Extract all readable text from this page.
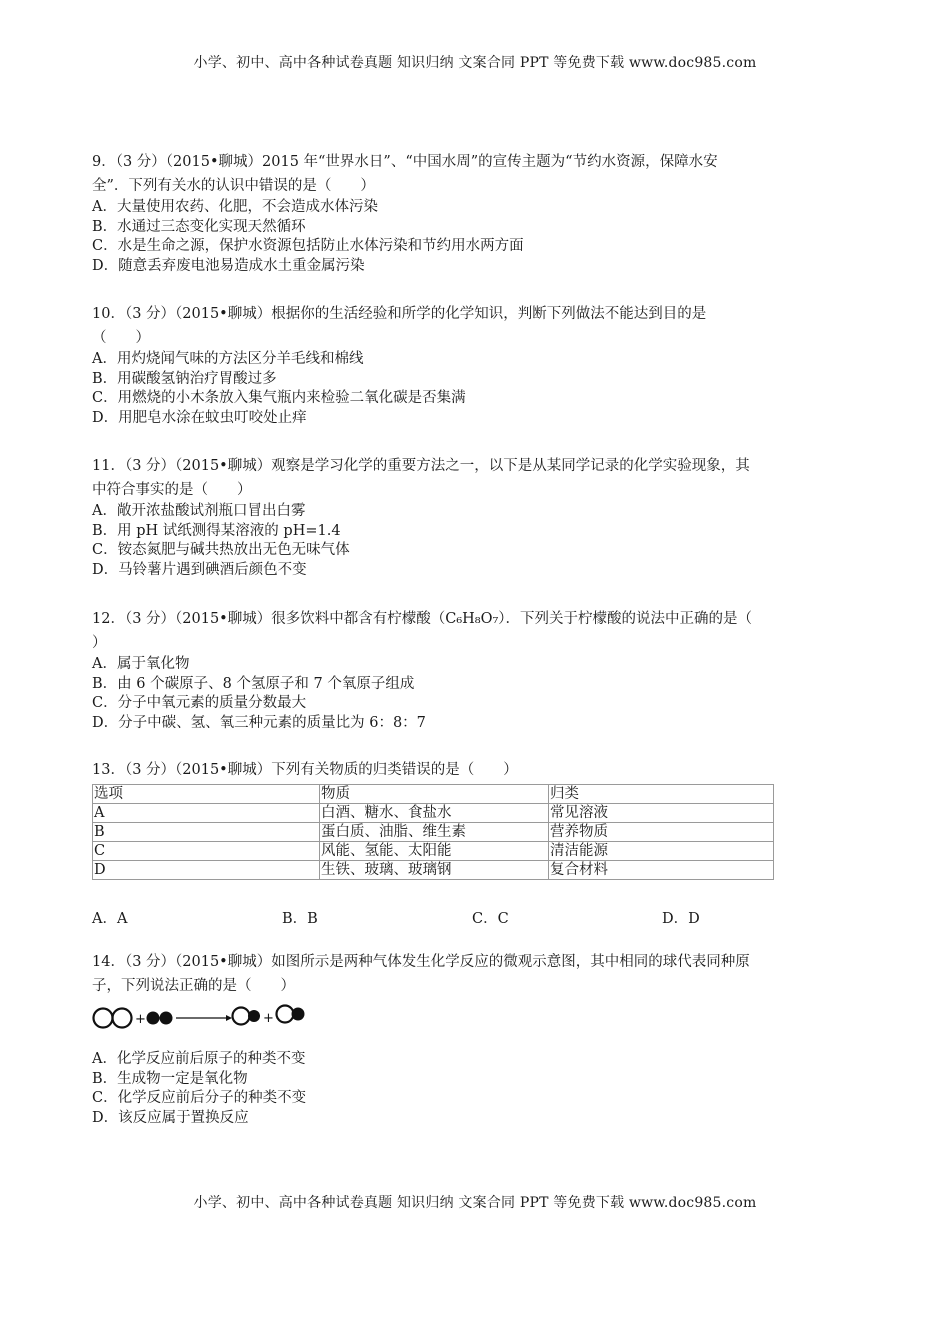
小学、初中、高中各种试卷真题 知识归纳 文案合同 PPT 等免费下载 www.doc985.com
9．（3 分）（2015•聊城）2015 年“世界水日”、“中国水周”的宣传主题为“节约水资源，保障水安
全”．下列有关水的认识中错误的是（　　）
A．大量使用农药、化肥，不会造成水体污染
B．水通过三态变化实现天然循环
C．水是生命之源，保护水资源包括防止水体污染和节约用水两方面
D．随意丢弃废电池易造成水土重金属污染
10．（3 分）（2015•聊城）根据你的生活经验和所学的化学知识，判断下列做法不能达到目的是
（　　）
A．用灼烧闻气味的方法区分羊毛线和棉线
B．用碳酸氢钠治疗胃酸过多
C．用燃烧的小木条放入集气瓶内来检验二氧化碳是否集满
D．用肥皂水涂在蚊虫叮咬处止痒
11．（3 分）（2015•聊城）观察是学习化学的重要方法之一，以下是从某同学记录的化学实验现象，其
中符合事实的是（　　）
A．敞开浓盐酸试剂瓶口冒出白雾
B．用 pH 试纸测得某溶液的 pH=1.4
C．铵态氮肥与碱共热放出无色无味气体
D．马铃薯片遇到碘酒后颜色不变
12．（3 分）（2015•聊城）很多饮料中都含有柠檬酸（C₆H₈O₇）．下列关于柠檬酸的说法中正确的是（
）
A．属于氧化物
B．由 6 个碳原子、8 个氢原子和 7 个氧原子组成
C．分子中氧元素的质量分数最大
D．分子中碳、氢、氧三种元素的质量比为 6：8：7
13．（3 分）（2015•聊城）下列有关物质的归类错误的是（　　）
选项	物质	归类
A	白酒、糖水、食盐水	常见溶液
B	蛋白质、油脂、维生素	营养物质
C	风能、氢能、太阳能	清洁能源
D	生铁、玻璃、玻璃钢	复合材料
A．A	B．B	C．C	D．D
14．（3 分）（2015•聊城）如图所示是两种气体发生化学反应的微观示意图，其中相同的球代表同种原
子，下列说法正确的是（　　）
+	+
A．化学反应前后原子的种类不变
B．生成物一定是氧化物
C．化学反应前后分子的种类不变
D．该反应属于置换反应
小学、初中、高中各种试卷真题 知识归纳 文案合同 PPT 等免费下载 www.doc985.com
